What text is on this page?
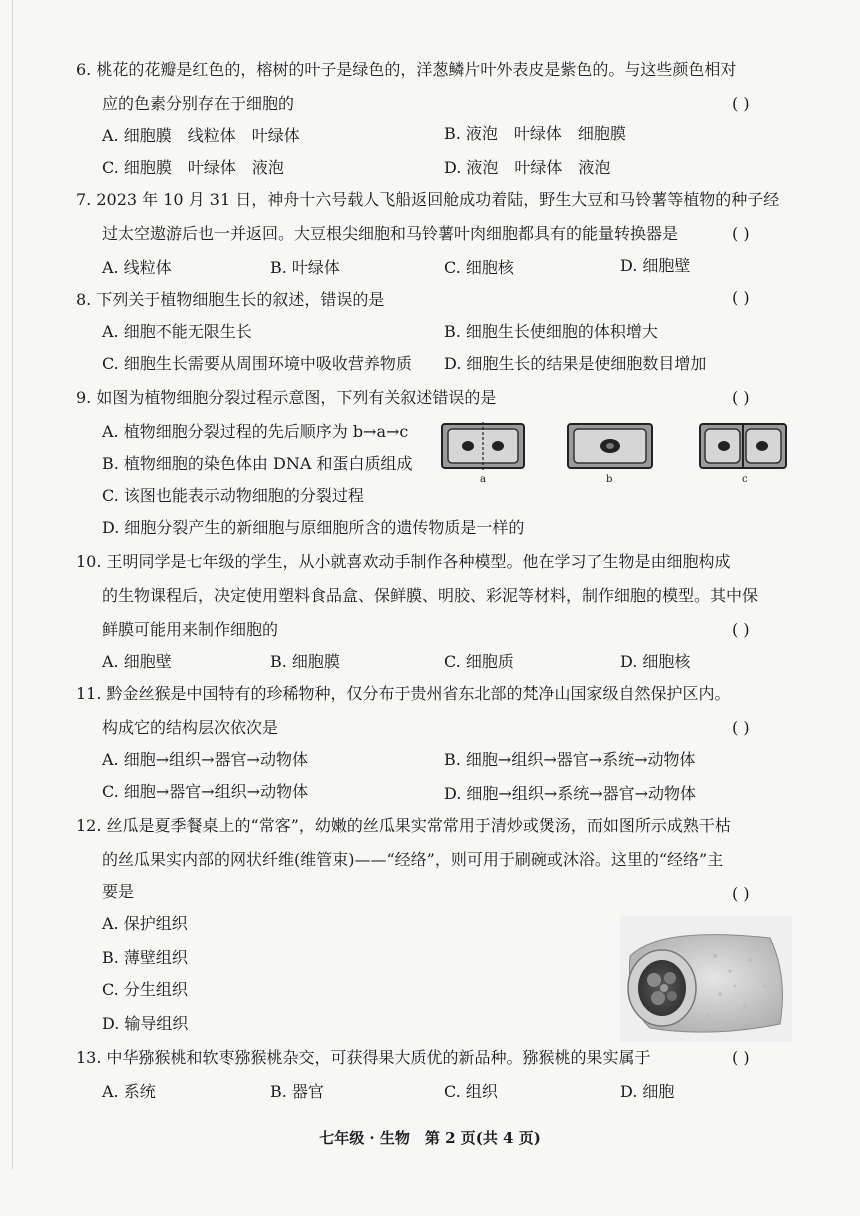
6. 桃花的花瓣是红色的，榕树的叶子是绿色的，洋葱鳞片叶外表皮是紫色的。与这些颜色相对
应的色素分别存在于细胞的	( )
A. 细胞膜　线粒体　叶绿体	B. 液泡　叶绿体　细胞膜
C. 细胞膜　叶绿体　液泡	D. 液泡　叶绿体　液泡
7. 2023 年 10 月 31 日，神舟十六号载人飞船返回舱成功着陆，野生大豆和马铃薯等植物的种子经
过太空遨游后也一并返回。大豆根尖细胞和马铃薯叶肉细胞都具有的能量转换器是	( )
A. 线粒体	B. 叶绿体	C. 细胞核	D. 细胞壁
8. 下列关于植物细胞生长的叙述，错误的是	( )
A. 细胞不能无限生长	B. 细胞生长使细胞的体积增大
C. 细胞生长需要从周围环境中吸收营养物质 D. 细胞生长的结果是使细胞数目增加
9. 如图为植物细胞分裂过程示意图，下列有关叙述错误的是	( )
A. 植物细胞分裂过程的先后顺序为 b→a→c
B. 植物细胞的染色体由 DNA 和蛋白质组成
C. 该图也能表示动物细胞的分裂过程
D. 细胞分裂产生的新细胞与原细胞所含的遗传物质是一样的
a	b	c
10. 王明同学是七年级的学生，从小就喜欢动手制作各种模型。他在学习了生物是由细胞构成
的生物课程后，决定使用塑料食品盒、保鲜膜、明胶、彩泥等材料，制作细胞的模型。其中保
鲜膜可能用来制作细胞的	( )
A. 细胞壁	B. 细胞膜	C. 细胞质	D. 细胞核
11. 黔金丝猴是中国特有的珍稀物种，仅分布于贵州省东北部的梵净山国家级自然保护区内。
构成它的结构层次依次是	( )
A. 细胞→组织→器官→动物体	B. 细胞→组织→器官→系统→动物体
C. 细胞→器官→组织→动物体	D. 细胞→组织→系统→器官→动物体
12. 丝瓜是夏季餐桌上的“常客”，幼嫩的丝瓜果实常常用于清炒或煲汤，而如图所示成熟干枯
的丝瓜果实内部的网状纤维(维管束)——“经络”，则可用于刷碗或沐浴。这里的“经络”主
要是	( )
A. 保护组织
B. 薄壁组织
C. 分生组织
D. 输导组织
13. 中华猕猴桃和软枣猕猴桃杂交，可获得果大质优的新品种。猕猴桃的果实属于	( )
A. 系统	B. 器官	C. 组织	D. 细胞
七年级 · 生物　第 2 页(共 4 页)
